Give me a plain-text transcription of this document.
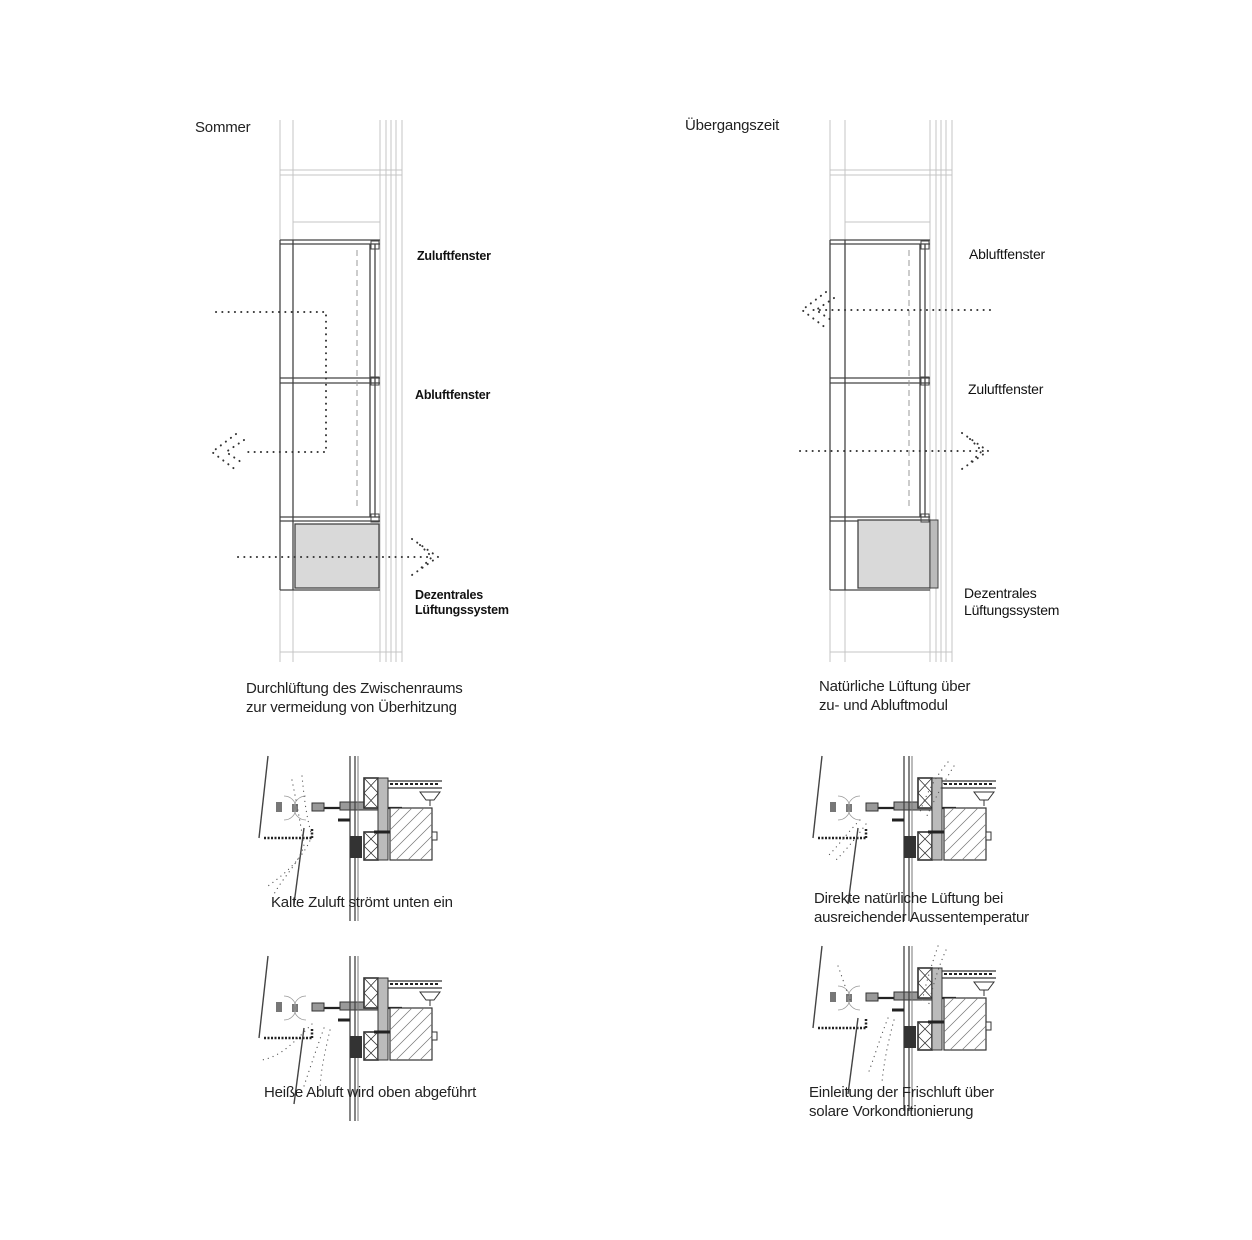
Sommer	Übergangszeit
Zuluftfenster
Abluftfenster
Dezentrales
Lüftungssystem
Abluftfenster
Zuluftfenster
Dezentrales
Lüftungssystem
Durchlüftung des Zwischenraums
zur vermeidung von Überhitzung
Natürliche Lüftung über
zu- und Abluftmodul
Kalte Zuluft strömt unten ein
Heiße Abluft wird oben abgeführt
Direkte natürliche Lüftung bei
ausreichender Aussentemperatur
Einleitung der Frischluft über
solare Vorkonditionierung
